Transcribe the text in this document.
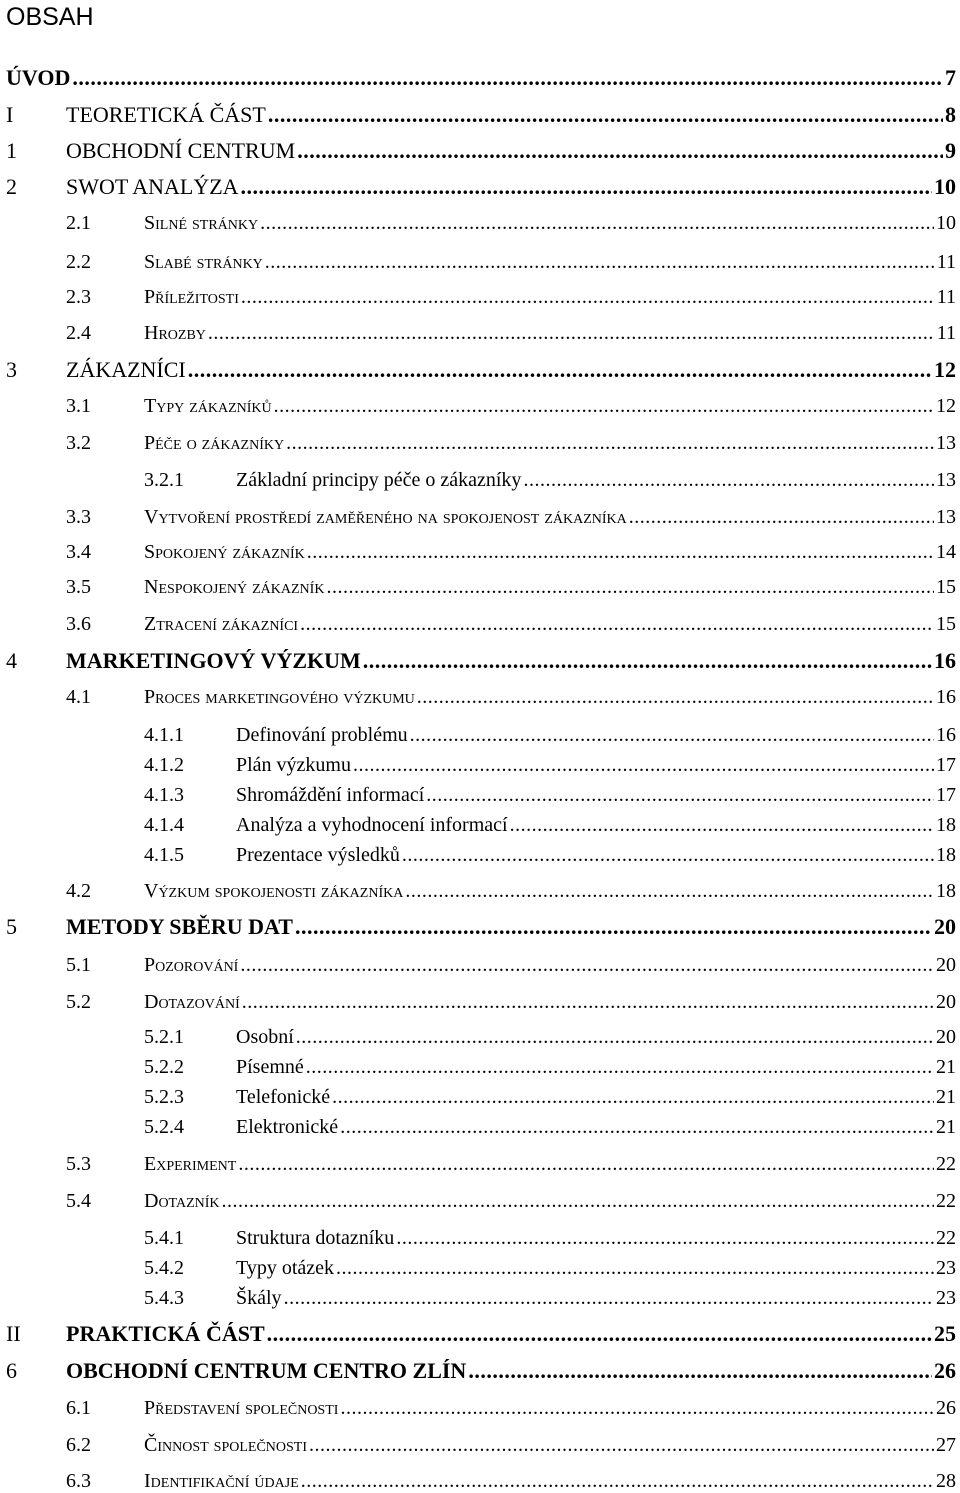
OBSAH
ÚVOD .....	7
I TEORETICKÁ ČÁST .....	8
1 OBCHODNÍ CENTRUM .....	9
2 SWOT ANALÝZA .....	10
2.1	Silné stránky .....	10
2.2	Slabé stránky .....	11
2.3	Příležitosti .....	11
2.4	Hrozby .....	11
3 ZÁKAZNÍCI .....	12
3.1	Typy zákazníků .....	12
3.2	Péče o zákazníky .....	13
3.2.1	Základní principy péče o zákazníky .....	13
3.3	Vytvoření prostředí zaměřeného na spokojenost zákazníka .....	13
3.4	Spokojený zákazník .....	14
3.5	Nespokojený zákazník .....	15
3.6	Ztracení zákazníci .....	15
4 MARKETINGOVÝ VÝZKUM .....	16
4.1	Proces marketingového výzkumu .....	16
4.1.1	Definování problému .....	16
4.1.2	Plán výzkumu .....	17
4.1.3	Shromáždění informací .....	17
4.1.4	Analýza a vyhodnocení informací .....	18
4.1.5	Prezentace výsledků .....	18
4.2	Výzkum spokojenosti zákazníka .....	18
5 METODY SBĚRU DAT .....	20
5.1	Pozorování .....	20
5.2	Dotazování .....	20
5.2.1	Osobní .....	20
5.2.2	Písemné .....	21
5.2.3	Telefonické .....	21
5.2.4	Elektronické .....	21
5.3	Experiment .....	22
5.4	Dotazník .....	22
5.4.1	Struktura dotazníku .....	22
5.4.2	Typy otázek .....	23
5.4.3	Škály .....	23
II PRAKTICKÁ ČÁST .....	25
6 OBCHODNÍ CENTRUM CENTRO ZLÍN .....	26
6.1	Představení společnosti .....	26
6.2	Činnost společnosti .....	27
6.3	Identifikační údaje .....	28
